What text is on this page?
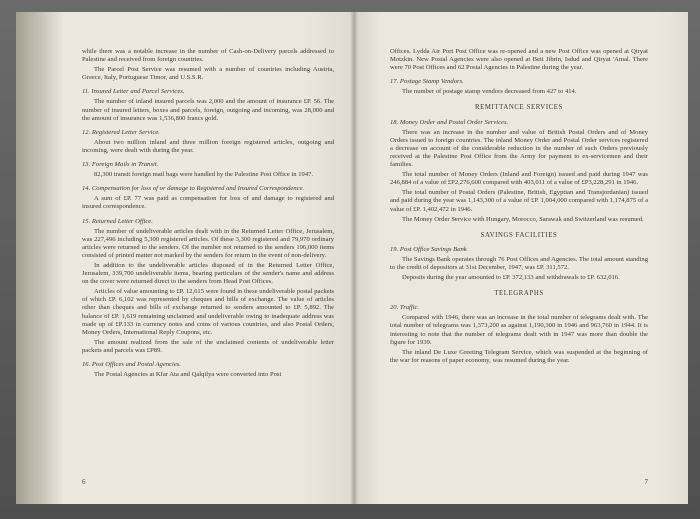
while there was a notable increase in the number of Cash-on-Delivery parcels addressed to Palestine and received from foreign countries.

The Parcel Post Service was resumed with a number of countries including Austria, Greece, Italy, Portuguese Timor, and U.S.S.R.

11. Insured Letter and Parcel Services.

The number of inland insured parcels was 2,000 and the amount of insurance £P. 56. The number of insured letters, boxes and parcels, foreign, outgoing and incoming, was 28,000 and the amount of insurance was 1,536,800 francs gold.

12. Registered Letter Service.

About two million inland and three million foreign registered articles, outgoing and incoming, were dealt with during the year.

13. Foreign Mails in Transit.

82,300 transit foreign mail bags were handled by the Palestine Post Office in 1947.

14. Compensation for loss of or damage to Registered and Insured Correspondence.

A sum of £P. 77 was paid as compensation for loss of and damage to registered and insured correspondence.

15. Returned Letter Office.

The number of undeliverable articles dealt with in the Returned Letter Office, Jerusalem, was 227,496 including 5,300 registered articles. Of these 3,300 registered and 79,970 ordinary articles were returned to the senders. Of the number not returned to the senders 196,000 items consisted of printed matter not marked by the senders for return in the event of non-delivery.

In addition to the undeliverable articles disposed of in the Returned Letter Office, Jerusalem, 339,700 undeliverable items, bearing particulars of the sender's name and address on the cover were returned direct to the senders from Head Post Offices.

Articles of value amounting to £P. 12,615 were found in these undeliverable postal packets of which £P. 6,102 was represented by cheques and bills of exchange. The value of articles other than cheques and bills of exchange returned to senders amounted to £P. 5,892. The balance of £P. 1,619 remaining unclaimed and undeliverable owing to inadequate address was made up of £P.133 in currency notes and coins of various countries, and also Postal Orders, Money Orders, International Reply Coupons, etc.

The amount realized from the sale of the unclaimed contents of undeliverable letter packets and parcels was £P89.

16. Post Offices and Postal Agencies.

The Postal Agencies at Kfar Ata and Qalqilya were converted into Post

6

Offices. Lydda Air Port Post Office was re-opened and a new Post Office was opened at Qiryat Motzkin. New Postal Agencies were also opened at Beit Jibrin, Isdud and Qiryat 'Amal. There were 70 Post Offices and 62 Postal Agencies in Palestine during the year.

17. Postage Stamp Vendors.

The number of postage stamp vendors decreased from 427 to 414.

REMITTANCE SERVICES
18. Money Order and Postal Order Services.

There was an increase in the number and value of British Postal Orders and of Money Orders issued to foreign countries. The inland Money Order and Postal Order services registered a decrease on account of the considerable reduction in the number of such Orders previously received at the Palestine Post Office from the Army for payment to ex-servicemen and their families.

The total number of Money Orders (Inland and Foreign) issued and paid during 1947 was 246,884 of a value of £P2,276,600 compared with 403,011 of a value of £P3,228,291 in 1946.

The total number of Postal Orders (Palestine, British, Egyptian and Transjordanian) issued and paid during the year was 1,143,300 of a value of £P. 1,004,000 compared with 1,174,875 of a value of £P. 1,402,472 in 1946.

The Money Order Service with Hungary, Morocco, Sarawak and Switzerland was resumed.

SAVINGS FACILITIES
19. Post Office Savings Bank

The Savings Bank operates through 76 Post Offices and Agencies. The total amount standing to the credit of depositors at 31st December, 1947, was £P. 311,572.

Deposits during the year amounted to £P. 372,133 and withdrawals to £P. 632,016.

TELEGRAPHS
20. Traffic.

Compared with 1946, there was an increase in the total number of telegrams dealt with. The total number of telegrams was 1,373,200 as against 1,190,300 in 1946 and 963,760 in 1944. It is interesting to note that the number of telegrams dealt with in 1947 was more than double the figure for 1939.

The inland De Luxe Greeting Telegram Service, which was suspended at the beginning of the war for reasons of paper economy, was resumed during the year.

7
